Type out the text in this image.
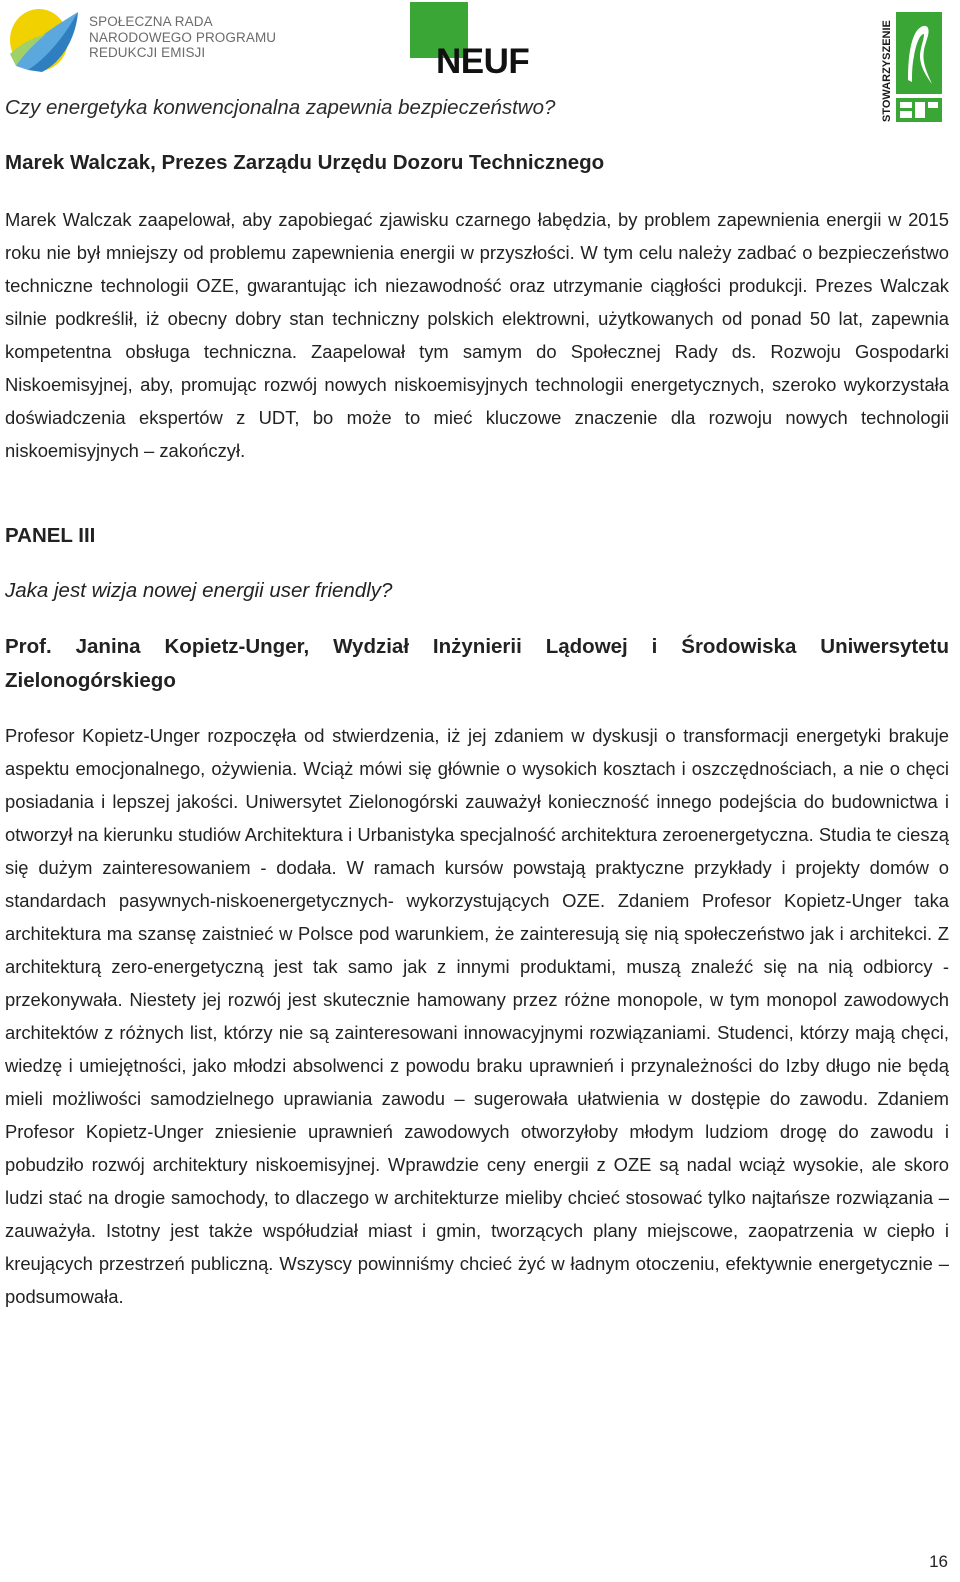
SPOŁECZNA RADA
NARODOWEGO PROGRAMU
REDUKCJI EMISJI	NEUF	STOWARZYSZENIE
Czy energetyka konwencjonalna zapewnia bezpieczeństwo?
Marek Walczak, Prezes Zarządu Urzędu Dozoru Technicznego
Marek Walczak zaapelował, aby zapobiegać zjawisku czarnego łabędzia, by problem zapewnienia energii w 2015 roku nie był mniejszy od problemu zapewnienia energii w przyszłości. W tym celu należy zadbać o bezpieczeństwo techniczne technologii OZE, gwarantując ich niezawodność oraz utrzymanie ciągłości produkcji. Prezes Walczak silnie podkreślił, iż obecny dobry stan techniczny polskich elektrowni, użytkowanych od ponad 50 lat, zapewnia kompetentna obsługa techniczna. Zaapelował tym samym do Społecznej Rady ds. Rozwoju Gospodarki Niskoemisyjnej, aby, promując rozwój nowych niskoemisyjnych technologii energetycznych, szeroko wykorzystała doświadczenia ekspertów z UDT, bo może to mieć kluczowe znaczenie dla rozwoju nowych technologii niskoemisyjnych – zakończył.
PANEL III
Jaka jest wizja nowej energii user friendly?
Prof. Janina Kopietz-Unger, Wydział Inżynierii Lądowej i Środowiska Uniwersytetu Zielonogórskiego
Profesor Kopietz-Unger rozpoczęła od stwierdzenia, iż jej zdaniem w dyskusji o transformacji energetyki brakuje aspektu emocjonalnego, ożywienia. Wciąż mówi się głównie o wysokich kosztach i oszczędnościach, a nie o chęci posiadania i lepszej jakości. Uniwersytet Zielonogórski zauważył konieczność innego podejścia do budownictwa i otworzył na kierunku studiów Architektura i Urbanistyka specjalność architektura zeroenergetyczna. Studia te cieszą się dużym zainteresowaniem - dodała. W ramach kursów powstają praktyczne przykłady i projekty domów o standardach pasywnych-niskoenergetycznych- wykorzystujących OZE. Zdaniem Profesor Kopietz-Unger taka architektura ma szansę zaistnieć w Polsce pod warunkiem, że zainteresują się nią społeczeństwo jak i architekci. Z architekturą zero-energetyczną jest tak samo jak z innymi produktami, muszą znaleźć się na nią odbiorcy - przekonywała. Niestety jej rozwój jest skutecznie hamowany przez różne monopole, w tym monopol zawodowych architektów z różnych list, którzy nie są zainteresowani innowacyjnymi rozwiązaniami. Studenci, którzy mają chęci, wiedzę i umiejętności, jako młodzi absolwenci z powodu braku uprawnień i przynależności do Izby długo nie będą mieli możliwości samodzielnego uprawiania zawodu – sugerowała ułatwienia w dostępie do zawodu. Zdaniem Profesor Kopietz-Unger zniesienie uprawnień zawodowych otworzyłoby młodym ludziom drogę do zawodu i pobudziło rozwój architektury niskoemisyjnej. Wprawdzie ceny energii z OZE są nadal wciąż wysokie, ale skoro ludzi stać na drogie samochody, to dlaczego w architekturze mieliby chcieć stosować tylko najtańsze rozwiązania – zauważyła. Istotny jest także współudział miast i gmin, tworzących plany miejscowe, zaopatrzenia w ciepło i kreujących przestrzeń publiczną. Wszyscy powinniśmy chcieć żyć w ładnym otoczeniu, efektywnie energetycznie – podsumowała.
16
